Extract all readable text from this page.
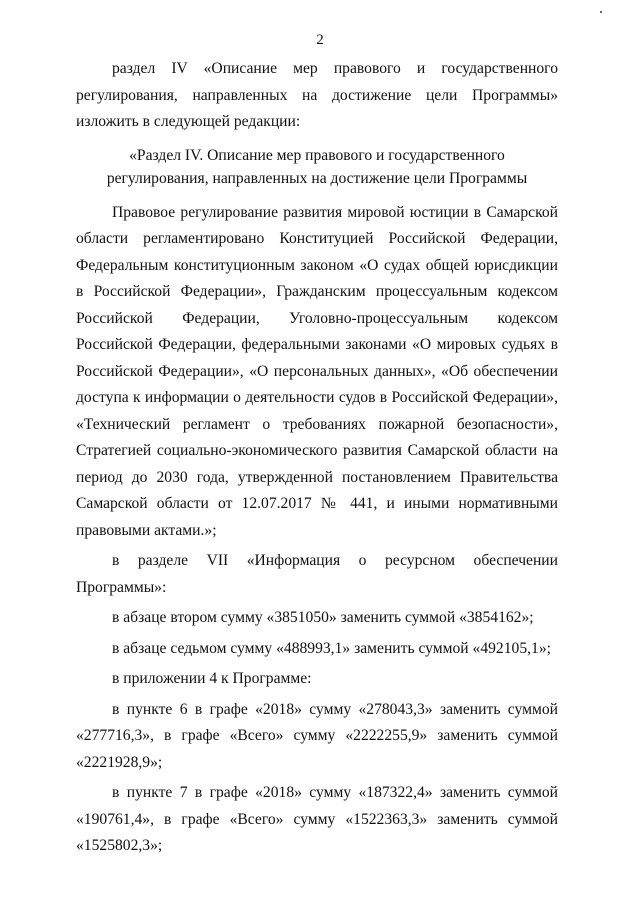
2

раздел IV «Описание мер правового и государственного регулирования, направленных на достижение цели Программы» изложить в следующей редакции:

«Раздел IV. Описание мер правового и государственного
регулирования, направленных на достижение цели Программы

Правовое регулирование развития мировой юстиции в Самарской области регламентировано Конституцией Российской Федерации, Федеральным конституционным законом «О судах общей юрисдикции в Российской Федерации», Гражданским процессуальным кодексом Российской Федерации, Уголовно-процессуальным кодексом Российской Федерации, федеральными законами «О мировых судьях в Российской Федерации», «О персональных данных», «Об обеспечении доступа к информации о деятельности судов в Российской Федерации», «Технический регламент о требованиях пожарной безопасности», Стратегией социально-экономического развития Самарской области на период до 2030 года, утвержденной постановлением Правительства Самарской области от 12.07.2017 № 441, и иными нормативными правовыми актами.»;

в разделе VII «Информация о ресурсном обеспечении Программы»:

в абзаце втором сумму «3851050» заменить суммой «3854162»;

в абзаце седьмом сумму «488993,1» заменить суммой «492105,1»;

в приложении 4 к Программе:

в пункте 6 в графе «2018» сумму «278043,3» заменить суммой «277716,3», в графе «Всего» сумму «2222255,9» заменить суммой «2221928,9»;

в пункте 7 в графе «2018» сумму «187322,4» заменить суммой «190761,4», в графе «Всего» сумму «1522363,3» заменить суммой «1525802,3»;
